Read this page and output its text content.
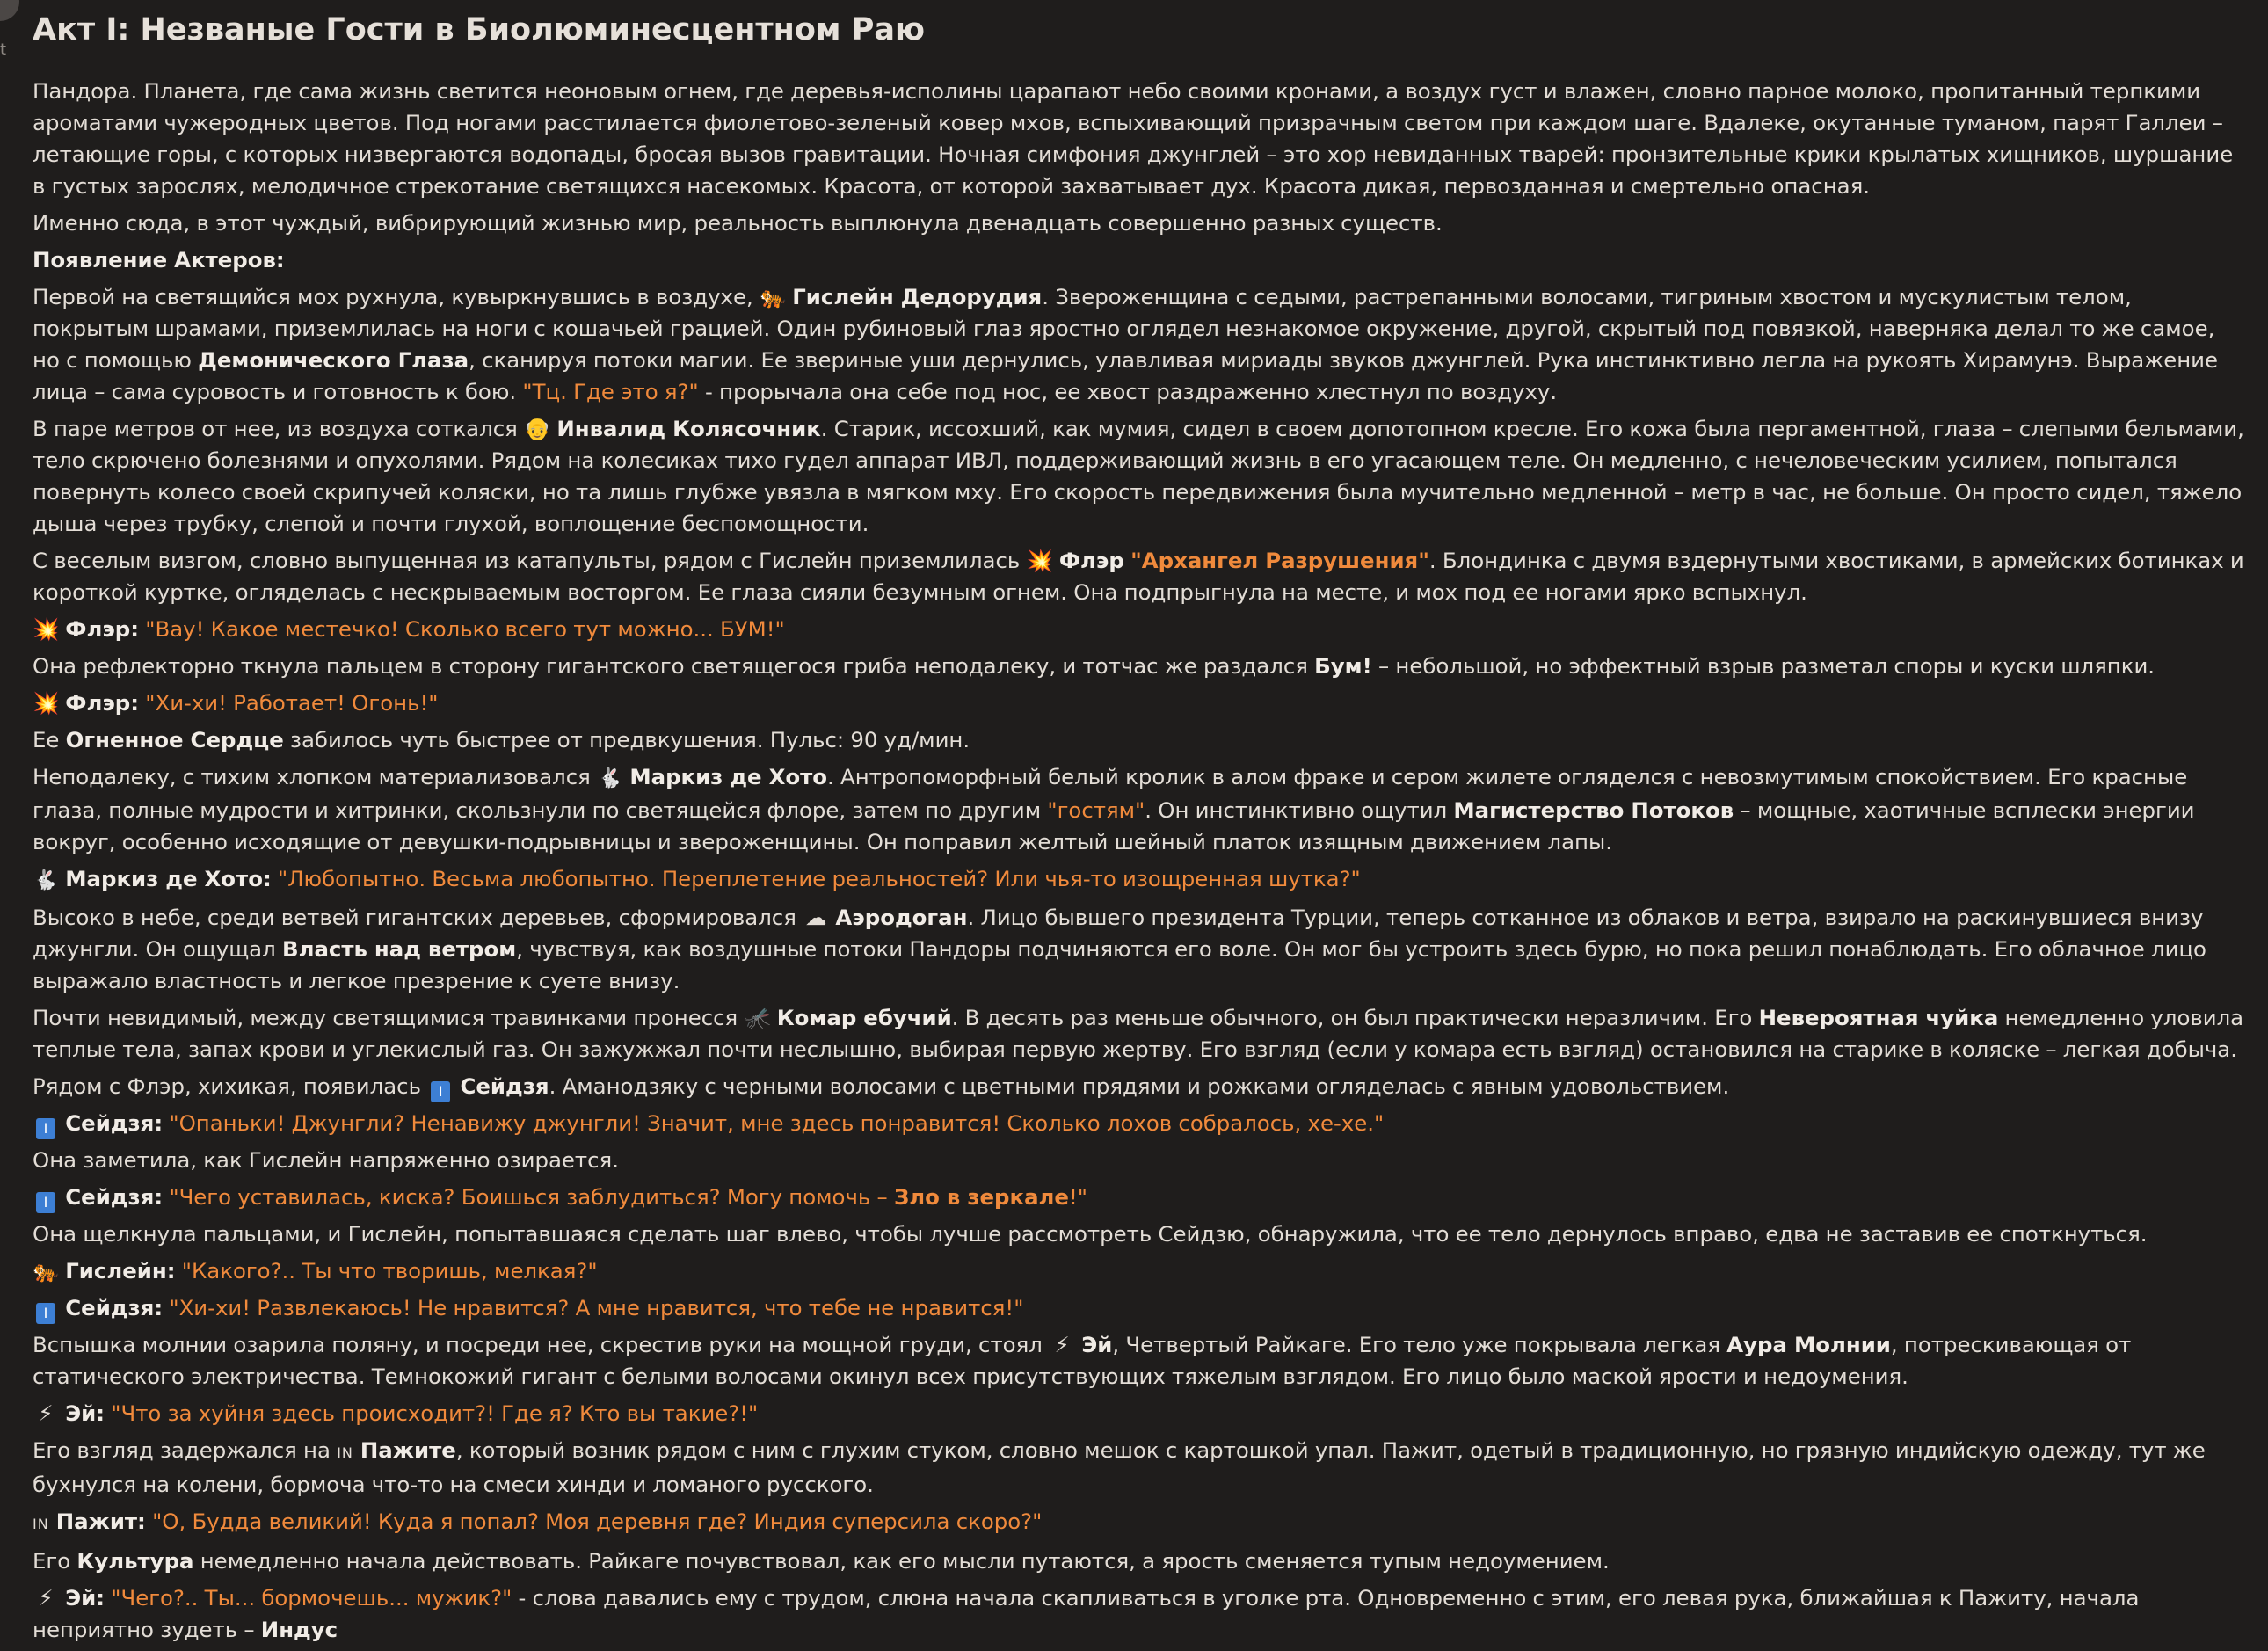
t
Акт I: Незваные Гости в Биолюминесцентном Раю

Пандора. Планета, где сама жизнь светится неоновым огнем, где деревья-исполины царапают небо своими кронами, а воздух густ и влажен, словно парное молоко, пропитанный терпкими ароматами чужеродных цветов. Под ногами расстилается фиолетово-зеленый ковер мхов, вспыхивающий призрачным светом при каждом шаге. Вдалеке, окутанные туманом, парят Галлеи – летающие горы, с которых низвергаются водопады, бросая вызов гравитации. Ночная симфония джунглей – это хор невиданных тварей: пронзительные крики крылатых хищников, шуршание в густых зарослях, мелодичное стрекотание светящихся насекомых. Красота, от которой захватывает дух. Красота дикая, первозданная и смертельно опасная.

Именно сюда, в этот чуждый, вибрирующий жизнью мир, реальность выплюнула двенадцать совершенно разных существ.

Появление Актеров:

Первой на светящийся мох рухнула, кувыркнувшись в воздухе, 🐅 Гислейн Дедорудия. Звероженщина с седыми, растрепанными волосами, тигриным хвостом и мускулистым телом, покрытым шрамами, приземлилась на ноги с кошачьей грацией. Один рубиновый глаз яростно оглядел незнакомое окружение, другой, скрытый под повязкой, наверняка делал то же самое, но с помощью Демонического Глаза, сканируя потоки магии. Ее звериные уши дернулись, улавливая мириады звуков джунглей. Рука инстинктивно легла на рукоять Хирамунэ. Выражение лица – сама суровость и готовность к бою. "Тц. Где это я?" - прорычала она себе под нос, ее хвост раздраженно хлестнул по воздуху.

В паре метров от нее, из воздуха соткался 👴 Инвалид Колясочник. Старик, иссохший, как мумия, сидел в своем допотопном кресле. Его кожа была пергаментной, глаза – слепыми бельмами, тело скрючено болезнями и опухолями. Рядом на колесиках тихо гудел аппарат ИВЛ, поддерживающий жизнь в его угасающем теле. Он медленно, с нечеловеческим усилием, попытался повернуть колесо своей скрипучей коляски, но та лишь глубже увязла в мягком мху. Его скорость передвижения была мучительно медленной – метр в час, не больше. Он просто сидел, тяжело дыша через трубку, слепой и почти глухой, воплощение беспомощности.

С веселым визгом, словно выпущенная из катапульты, рядом с Гислейн приземлилась 💥 Флэр "Архангел Разрушения". Блондинка с двумя вздернутыми хвостиками, в армейских ботинках и короткой куртке, огляделась с нескрываемым восторгом. Ее глаза сияли безумным огнем. Она подпрыгнула на месте, и мох под ее ногами ярко вспыхнул.

💥 Флэр: "Вау! Какое местечко! Сколько всего тут можно... БУМ!"

Она рефлекторно ткнула пальцем в сторону гигантского светящегося гриба неподалеку, и тотчас же раздался Бум! – небольшой, но эффектный взрыв разметал споры и куски шляпки.

💥 Флэр: "Хи-хи! Работает! Огонь!"

Ее Огненное Сердце забилось чуть быстрее от предвкушения. Пульс: 90 уд/мин.

Неподалеку, с тихим хлопком материализовался 🐇 Маркиз де Хото. Антропоморфный белый кролик в алом фраке и сером жилете огляделся с невозмутимым спокойствием. Его красные глаза, полные мудрости и хитринки, скользнули по светящейся флоре, затем по другим "гостям". Он инстинктивно ощутил Магистерство Потоков – мощные, хаотичные всплески энергии вокруг, особенно исходящие от девушки-подрывницы и звероженщины. Он поправил желтый шейный платок изящным движением лапы.

🐇 Маркиз де Хото: "Любопытно. Весьма любопытно. Переплетение реальностей? Или чья-то изощренная шутка?"

Высоко в небе, среди ветвей гигантских деревьев, сформировался ☁ Аэродоган. Лицо бывшего президента Турции, теперь сотканное из облаков и ветра, взирало на раскинувшиеся внизу джунгли. Он ощущал Власть над ветром, чувствуя, как воздушные потоки Пандоры подчиняются его воле. Он мог бы устроить здесь бурю, но пока решил понаблюдать. Его облачное лицо выражало властность и легкое презрение к суете внизу.

Почти невидимый, между светящимися травинками пронесся 🦟 Комар ебучий. В десять раз меньше обычного, он был практически неразличим. Его Невероятная чуйка немедленно уловила теплые тела, запах крови и углекислый газ. Он зажужжал почти неслышно, выбирая первую жертву. Его взгляд (если у комара есть взгляд) остановился на старике в коляске – легкая добыча.

Рядом с Флэр, хихикая, появилась I Сейдзя. Аманодзяку с черными волосами с цветными прядями и рожками огляделась с явным удовольствием.

I Сейдзя: "Опаньки! Джунгли? Ненавижу джунгли! Значит, мне здесь понравится! Сколько лохов собралось, хе-хе."

Она заметила, как Гислейн напряженно озирается.

I Сейдзя: "Чего уставилась, киска? Боишься заблудиться? Могу помочь – Зло в зеркале!"

Она щелкнула пальцами, и Гислейн, попытавшаяся сделать шаг влево, чтобы лучше рассмотреть Сейдзю, обнаружила, что ее тело дернулось вправо, едва не заставив ее споткнуться.

🐅 Гислейн: "Какого?.. Ты что творишь, мелкая?"

I Сейдзя: "Хи-хи! Развлекаюсь! Не нравится? А мне нравится, что тебе не нравится!"

Вспышка молнии озарила поляну, и посреди нее, скрестив руки на мощной груди, стоял ⚡ Эй, Четвертый Райкаге. Его тело уже покрывала легкая Аура Молнии, потрескивающая от статического электричества. Темнокожий гигант с белыми волосами окинул всех присутствующих тяжелым взглядом. Его лицо было маской ярости и недоумения.

⚡ Эй: "Что за хуйня здесь происходит?! Где я? Кто вы такие?!"

Его взгляд задержался на IN Пажите, который возник рядом с ним с глухим стуком, словно мешок с картошкой упал. Пажит, одетый в традиционную, но грязную индийскую одежду, тут же бухнулся на колени, бормоча что-то на смеси хинди и ломаного русского.

IN Пажит: "О, Будда великий! Куда я попал? Моя деревня где? Индия суперсила скоро?"

Его Культура немедленно начала действовать. Райкаге почувствовал, как его мысли путаются, а ярость сменяется тупым недоумением.

⚡ Эй: "Чего?.. Ты... бормочешь... мужик?" - слова давались ему с трудом, слюна начала скапливаться в уголке рта. Одновременно с этим, его левая рука, ближайшая к Пажиту, начала неприятно зудеть – Индус
